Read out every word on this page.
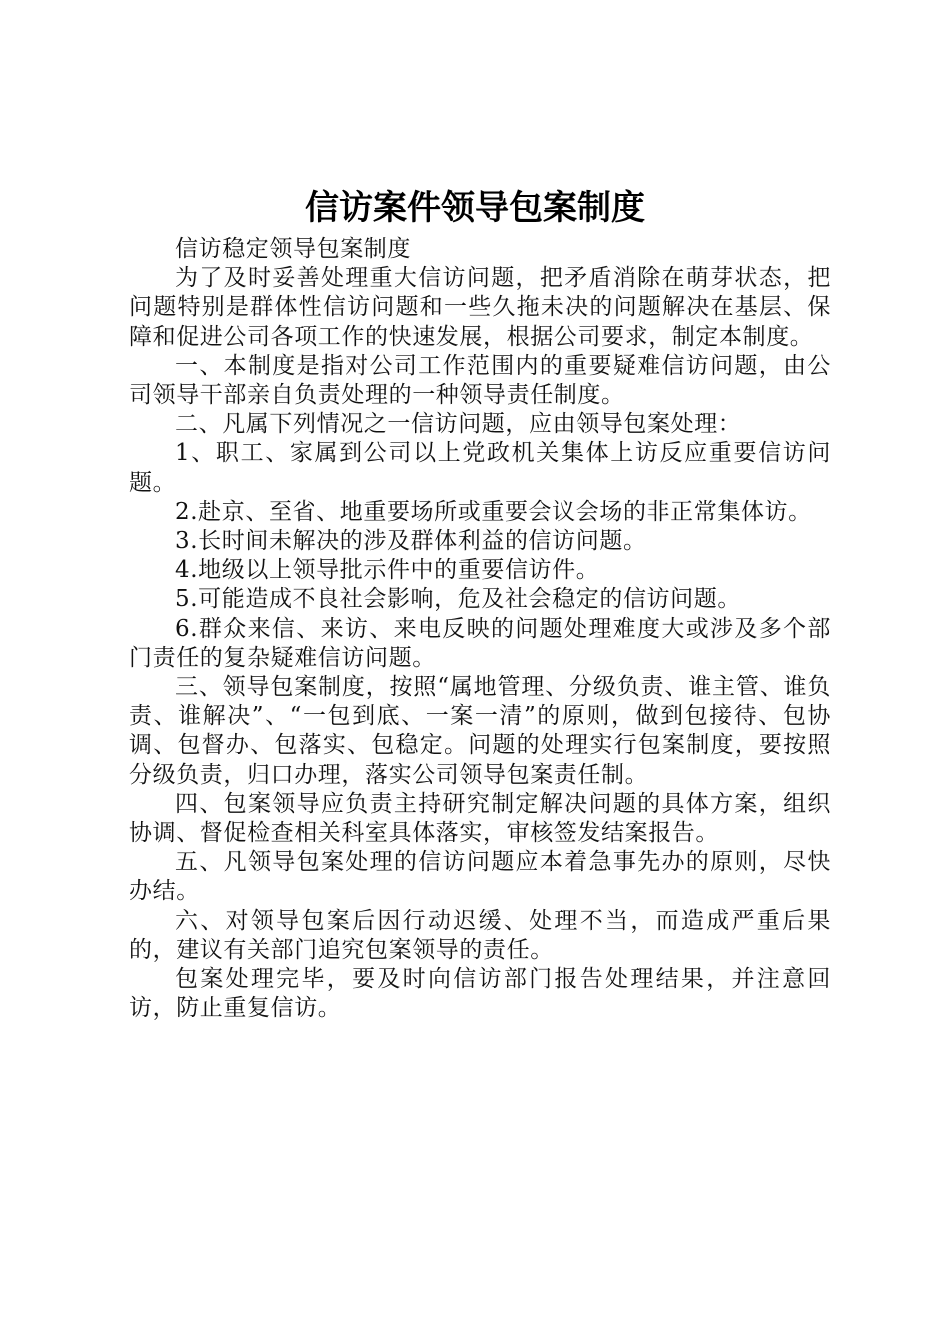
信访案件领导包案制度

信访稳定领导包案制度

为了及时妥善处理重大信访问题，把矛盾消除在萌芽状态，把问题特别是群体性信访问题和一些久拖未决的问题解决在基层、保障和促进公司各项工作的快速发展，根据公司要求，制定本制度。

一、本制度是指对公司工作范围内的重要疑难信访问题，由公司领导干部亲自负责处理的一种领导责任制度。

二、凡属下列情况之一信访问题，应由领导包案处理：

1、职工、家属到公司以上党政机关集体上访反应重要信访问题。

2.赴京、至省、地重要场所或重要会议会场的非正常集体访。

3.长时间未解决的涉及群体利益的信访问题。

4.地级以上领导批示件中的重要信访件。

5.可能造成不良社会影响，危及社会稳定的信访问题。

6.群众来信、来访、来电反映的问题处理难度大或涉及多个部门责任的复杂疑难信访问题。

三、领导包案制度，按照“属地管理、分级负责、谁主管、谁负责、谁解决”、“一包到底、一案一清”的原则，做到包接待、包协调、包督办、包落实、包稳定。问题的处理实行包案制度，要按照分级负责，归口办理，落实公司领导包案责任制。

四、包案领导应负责主持研究制定解决问题的具体方案，组织协调、督促检查相关科室具体落实，审核签发结案报告。

五、凡领导包案处理的信访问题应本着急事先办的原则，尽快办结。

六、对领导包案后因行动迟缓、处理不当，而造成严重后果的，建议有关部门追究包案领导的责任。

包案处理完毕，要及时向信访部门报告处理结果，并注意回访，防止重复信访。
